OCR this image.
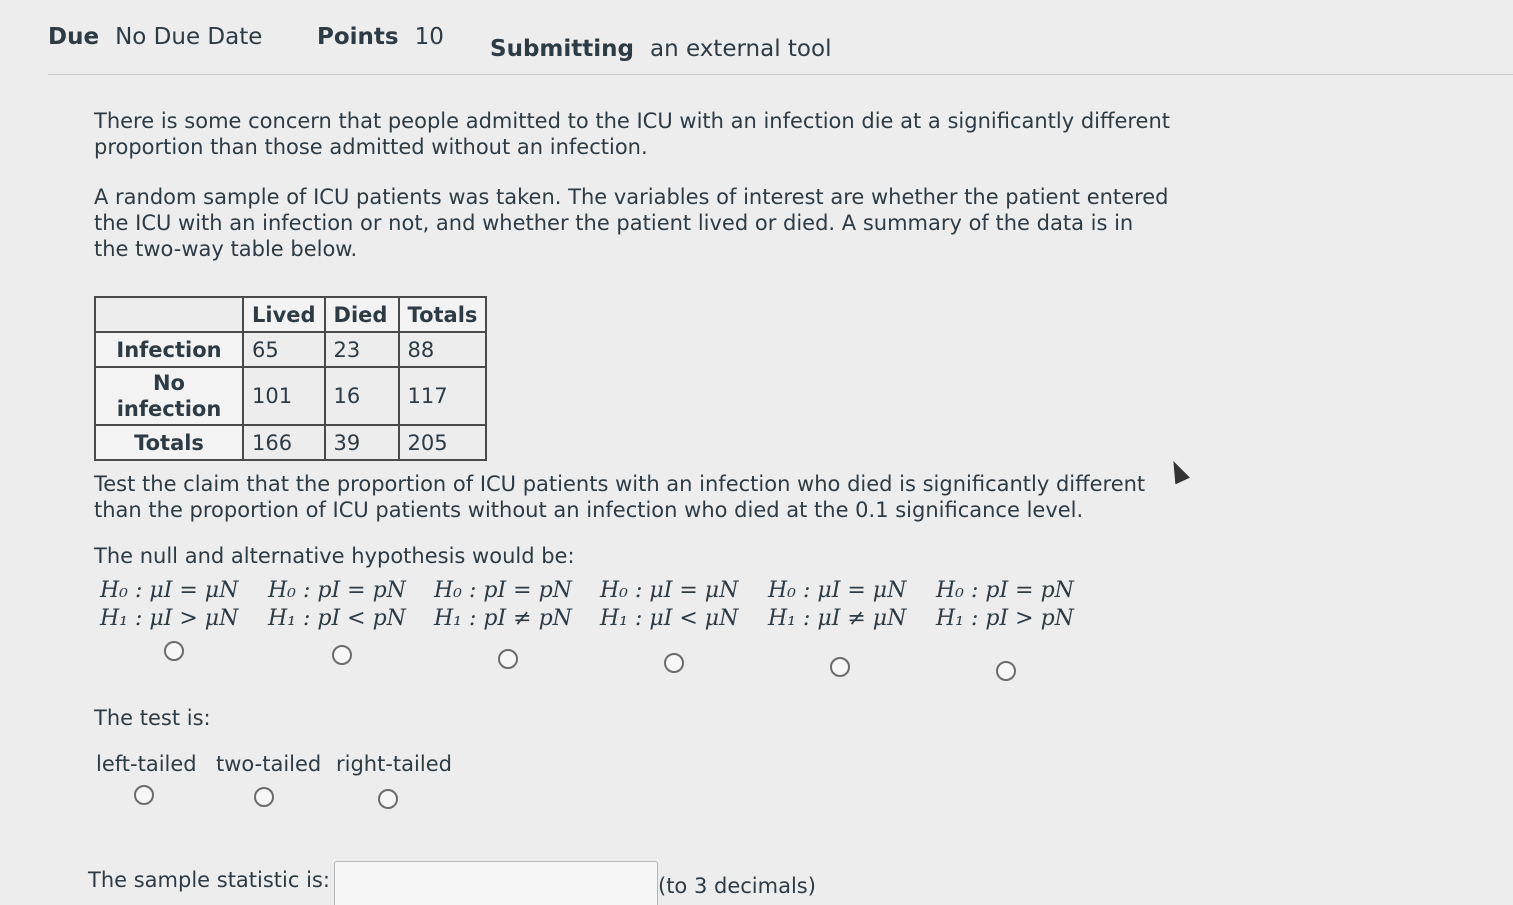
Due No Due Date Points 10 Submitting an external tool

There is some concern that people admitted to the ICU with an infection die at a significantly different proportion than those admitted without an infection.

A random sample of ICU patients was taken. The variables of interest are whether the patient entered the ICU with an infection or not, and whether the patient lived or died. A summary of the data is in the two-way table below.

	Lived	Died	Totals
Infection	65	23	88
No infection	101	16	117
Totals	166	39	205

Test the claim that the proportion of ICU patients with an infection who died is significantly different than the proportion of ICU patients without an infection who died at the 0.1 significance level.

The null and alternative hypothesis would be:

H₀ : μI = μN
H₁ : μI > μN
H₀ : pI = pN
H₁ : pI < pN
H₀ : pI = pN
H₁ : pI ≠ pN
H₀ : μI = μN
H₁ : μI < μN
H₀ : μI = μN
H₁ : μI ≠ μN
H₀ : pI = pN
H₁ : pI > pN

The test is:

left-tailed two-tailed right-tailed
The sample statistic is:	(to 3 decimals)
